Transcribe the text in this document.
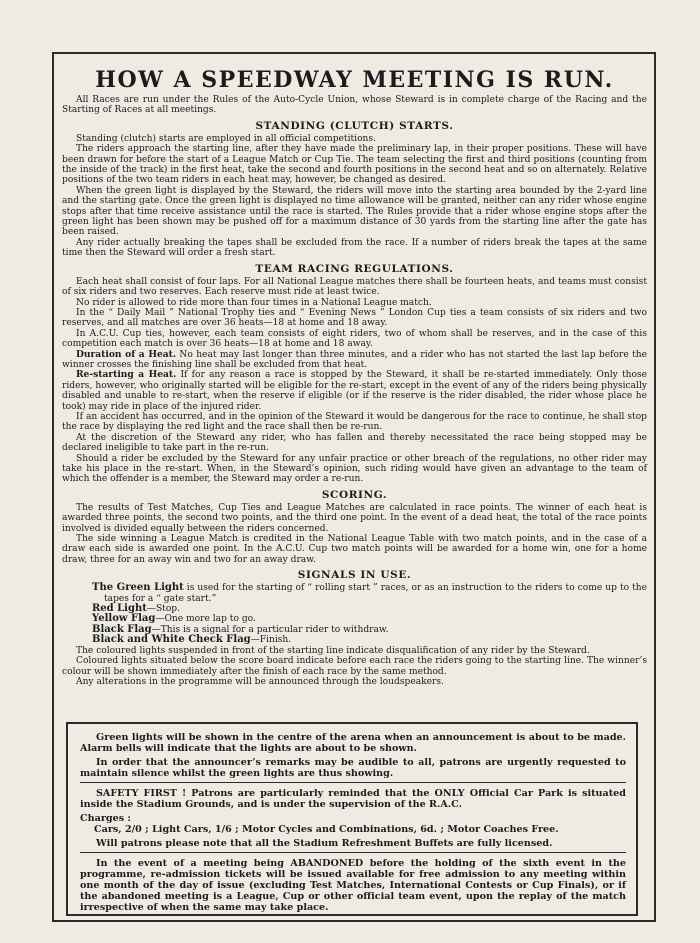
HOW A SPEEDWAY MEETING IS RUN.

All Races are run under the Rules of the Auto-Cycle Union, whose Steward is in complete charge of the Racing and the Starting of Races at all meetings.

STANDING (CLUTCH) STARTS.

Standing (clutch) starts are employed in all official competitions.

The riders approach the starting line, after they have made the preliminary lap, in their proper positions. These will have been drawn for before the start of a League Match or Cup Tie. The team selecting the first and third positions (counting from the inside of the track) in the first heat, take the second and fourth positions in the second heat and so on alternately. Relative positions of the two team riders in each heat may, however, be changed as desired.

When the green light is displayed by the Steward, the riders will move into the starting area bounded by the 2-yard line and the starting gate. Once the green light is displayed no time allowance will be granted, neither can any rider whose engine stops after that time receive assistance until the race is started. The Rules provide that a rider whose engine stops after the green light has been shown may be pushed off for a maximum distance of 30 yards from the starting line after the gate has been raised.

Any rider actually breaking the tapes shall be excluded from the race. If a number of riders break the tapes at the same time then the Steward will order a fresh start.

TEAM RACING REGULATIONS.

Each heat shall consist of four laps. For all National League matches there shall be fourteen heats, and teams must consist of six riders and two reserves. Each reserve must ride at least twice.

No rider is allowed to ride more than four times in a National League match.

In the “ Daily Mail ” National Trophy ties and “ Evening News ” London Cup ties a team consists of six riders and two reserves, and all matches are over 36 heats—18 at home and 18 away.

In A.C.U. Cup ties, however, each team consists of eight riders, two of whom shall be reserves, and in the case of this competition each match is over 36 heats—18 at home and 18 away.

Duration of a Heat. No heat may last longer than three minutes, and a rider who has not started the last lap before the winner crosses the finishing line shall be excluded from that heat.

Re-starting a Heat. If for any reason a race is stopped by the Steward, it shall be re-started immediately. Only those riders, however, who originally started will be eligible for the re-start, except in the event of any of the riders being physically disabled and unable to re-start, when the reserve if eligible (or if the reserve is the rider disabled, the rider whose place he took) may ride in place of the injured rider.

If an accident has occurred, and in the opinion of the Steward it would be dangerous for the race to continue, he shall stop the race by displaying the red light and the race shall then be re-run.

At the discretion of the Steward any rider, who has fallen and thereby necessitated the race being stopped may be declared ineligible to take part in the re-run.

Should a rider be excluded by the Steward for any unfair practice or other breach of the regulations, no other rider may take his place in the re-start. When, in the Steward’s opinion, such riding would have given an advantage to the team of which the offender is a member, the Steward may order a re-run.

SCORING.

The results of Test Matches, Cup Ties and League Matches are calculated in race points. The winner of each heat is awarded three points, the second two points, and the third one point. In the event of a dead heat, the total of the race points involved is divided equally between the riders concerned.

The side winning a League Match is credited in the National League Table with two match points, and in the case of a draw each side is awarded one point. In the A.C.U. Cup two match points will be awarded for a home win, one for a home draw, three for an away win and two for an away draw.

SIGNALS IN USE.

The Green Light is used for the starting of “ rolling start ” races, or as an instruction to the riders to come up to the tapes for a “ gate start.”

Red Light—Stop.

Yellow Flag—One more lap to go.

Black Flag—This is a signal for a particular rider to withdraw.

Black and White Check Flag—Finish.

The coloured lights suspended in front of the starting line indicate disqualification of any rider by the Steward.

Coloured lights situated below the score board indicate before each race the riders going to the starting line. The winner’s colour will be shown immediately after the finish of each race by the same method.

Any alterations in the programme will be announced through the loudspeakers.

Green lights will be shown in the centre of the arena when an announcement is about to be made. Alarm bells will indicate that the lights are about to be shown.

In order that the announcer’s remarks may be audible to all, patrons are urgently requested to maintain silence whilst the green lights are thus showing.

SAFETY FIRST ! Patrons are particularly reminded that the ONLY Official Car Park is situated inside the Stadium Grounds, and is under the supervision of the R.A.C.

Charges :

Cars, 2/0 ; Light Cars, 1/6 ; Motor Cycles and Combinations, 6d. ; Motor Coaches Free.

Will patrons please note that all the Stadium Refreshment Buffets are fully licensed.

In the event of a meeting being ABANDONED before the holding of the sixth event in the programme, re-admission tickets will be issued available for free admission to any meeting within one month of the day of issue (excluding Test Matches, International Contests or Cup Finals), or if the abandoned meeting is a League, Cup or other official team event, upon the replay of the match irrespective of when the same may take place.
